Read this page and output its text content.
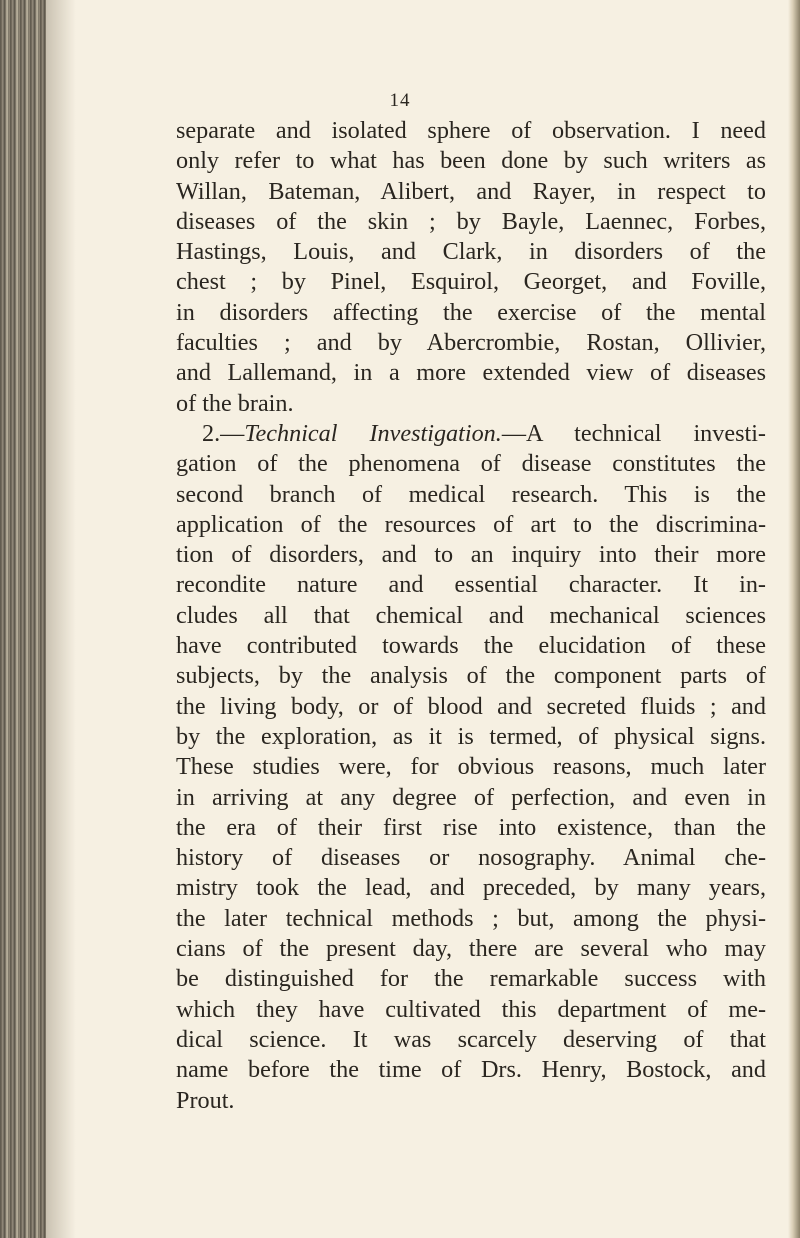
14
separate and isolated sphere of observation. I need
only refer to what has been done by such writers as
Willan, Bateman, Alibert, and Rayer, in respect to
diseases of the skin ; by Bayle, Laennec, Forbes,
Hastings, Louis, and Clark, in disorders of the
chest ; by Pinel, Esquirol, Georget, and Foville,
in disorders affecting the exercise of the mental
faculties ; and by Abercrombie, Rostan, Ollivier,
and Lallemand, in a more extended view of diseases
of the brain.
2.—Technical Investigation.—A technical investi-
gation of the phenomena of disease constitutes the
second branch of medical research. This is the
application of the resources of art to the discrimina-
tion of disorders, and to an inquiry into their more
recondite nature and essential character. It in-
cludes all that chemical and mechanical sciences
have contributed towards the elucidation of these
subjects, by the analysis of the component parts of
the living body, or of blood and secreted fluids ; and
by the exploration, as it is termed, of physical signs.
These studies were, for obvious reasons, much later
in arriving at any degree of perfection, and even in
the era of their first rise into existence, than the
history of diseases or nosography. Animal che-
mistry took the lead, and preceded, by many years,
the later technical methods ; but, among the physi-
cians of the present day, there are several who may
be distinguished for the remarkable success with
which they have cultivated this department of me-
dical science. It was scarcely deserving of that
name before the time of Drs. Henry, Bostock, and
Prout.
